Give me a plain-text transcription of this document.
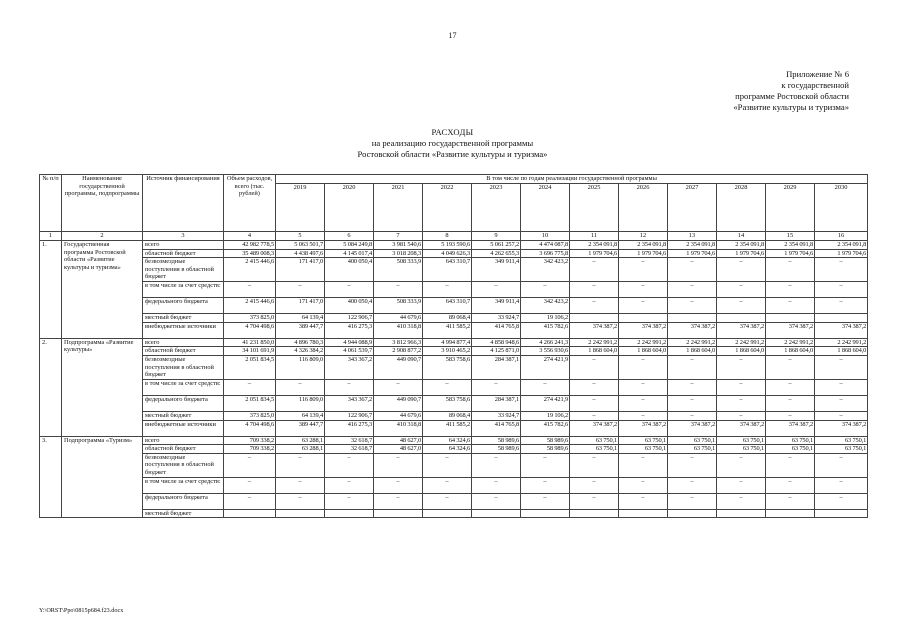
17
Приложение № 6
к государственной
программе Ростовской области
«Развитие культуры и туризма»
РАСХОДЫ
на реализацию государственной программы
Ростовской области «Развитие культуры и туризма»
№ п/п	Наименование государственной программы, подпрограммы	Источник финансирования	Объем расходов, всего (тыс. рублей)	В том числе по годам реализации государственной программы											
				2019	2020	2021	2022	2023	2024	2025	2026	2027	2028	2029	2030
1	2	3	4	5	6	7	8	9	10	11	12	13	14	15	16
1.	Государственная программа Ростовской области «Развитие культуры и туризма»	всего	42 982 778,5	5 063 501,7	5 084 249,8	3 981 540,6	5 193 590,6	5 061 257,2	4 474 087,8	2 354 091,8	2 354 091,8	2 354 091,8	2 354 091,8	2 354 091,8	2 354 091,8
		областной бюджет	35 489 008,3	4 438 497,6	4 145 017,4	3 018 208,3	4 049 626,3	4 262 655,3	3 696 775,8	1 979 704,6	1 979 704,6	1 979 704,6	1 979 704,6	1 979 704,6	1 979 704,6
		безвозмездные поступления в областной бюджет	2 415 446,6	171 417,0	400 050,4	508 333,9	643 310,7	349 911,4	342 423,2	–	–	–	–	–	–
		в том числе за счет средств:	–	–	–	–	–	–	–	–	–	–	–	–	–
		федерального бюджета	2 415 446,6	171 417,0	400 050,4	508 333,9	643 310,7	349 911,4	342 423,2	–	–	–	–	–	–
		местный бюджет	373 825,0	64 139,4	122 906,7	44 679,6	89 068,4	33 924,7	19 106,2						
		внебюджетные источники	4 704 498,6	389 447,7	416 275,3	410 318,8	411 585,2	414 765,8	415 782,6	374 387,2	374 387,2	374 387,2	374 387,2	374 387,2	374 387,2
2.	Подпрограмма «Развитие культуры»	всего	41 231 850,0	4 896 780,3	4 944 088,9	3 812 966,3	4 994 877,4	4 858 948,6	4 266 241,3	2 242 991,2	2 242 991,2	2 242 991,2	2 242 991,2	2 242 991,2	2 242 991,2
		областной бюджет	34 101 691,9	4 326 384,2	4 061 539,7	2 908 877,2	3 910 465,2	4 125 871,0	3 556 930,6	1 868 604,0	1 868 604,0	1 868 604,0	1 868 604,0	1 868 604,0	1 868 604,0
		безвозмездные поступления в областной бюджет	2 051 834,5	116 809,0	343 367,2	449 090,7	583 758,6	284 387,1	274 421,9	–	–	–	–	–	–
		в том числе за счет средств:	–	–	–	–	–	–	–	–	–	–	–	–	–
		федерального бюджета	2 051 834,5	116 809,0	343 367,2	449 090,7	583 758,6	284 387,1	274 421,9	–	–	–	–	–	–
		местный бюджет	373 825,0	64 139,4	122 906,7	44 679,6	89 068,4	33 924,7	19 106,2	–	–	–	–	–	–
		внебюджетные источники	4 704 498,6	389 447,7	416 275,3	410 318,8	411 585,2	414 765,8	415 782,6	374 387,2	374 387,2	374 387,2	374 387,2	374 387,2	374 387,2
3.	Подпрограмма «Туризм»	всего	709 338,2	63 288,1	32 618,7	48 627,0	64 324,6	58 989,6	58 989,6	63 750,1	63 750,1	63 750,1	63 750,1	63 750,1	63 750,1
		областной бюджет	709 338,2	63 288,1	32 618,7	48 627,0	64 324,6	58 989,6	58 989,6	63 750,1	63 750,1	63 750,1	63 750,1	63 750,1	63 750,1
		безвозмездные поступления в областной бюджет	–	–	–	–	–	–	–	–	–	–	–	–	–
		в том числе за счет средств:	–	–	–	–	–	–	–	–	–	–	–	–	–
		федерального бюджета	–	–	–	–	–	–	–	–	–	–	–	–	–
		местный бюджет													
Y:\ORST\Ppo\0815p684.f23.docx
